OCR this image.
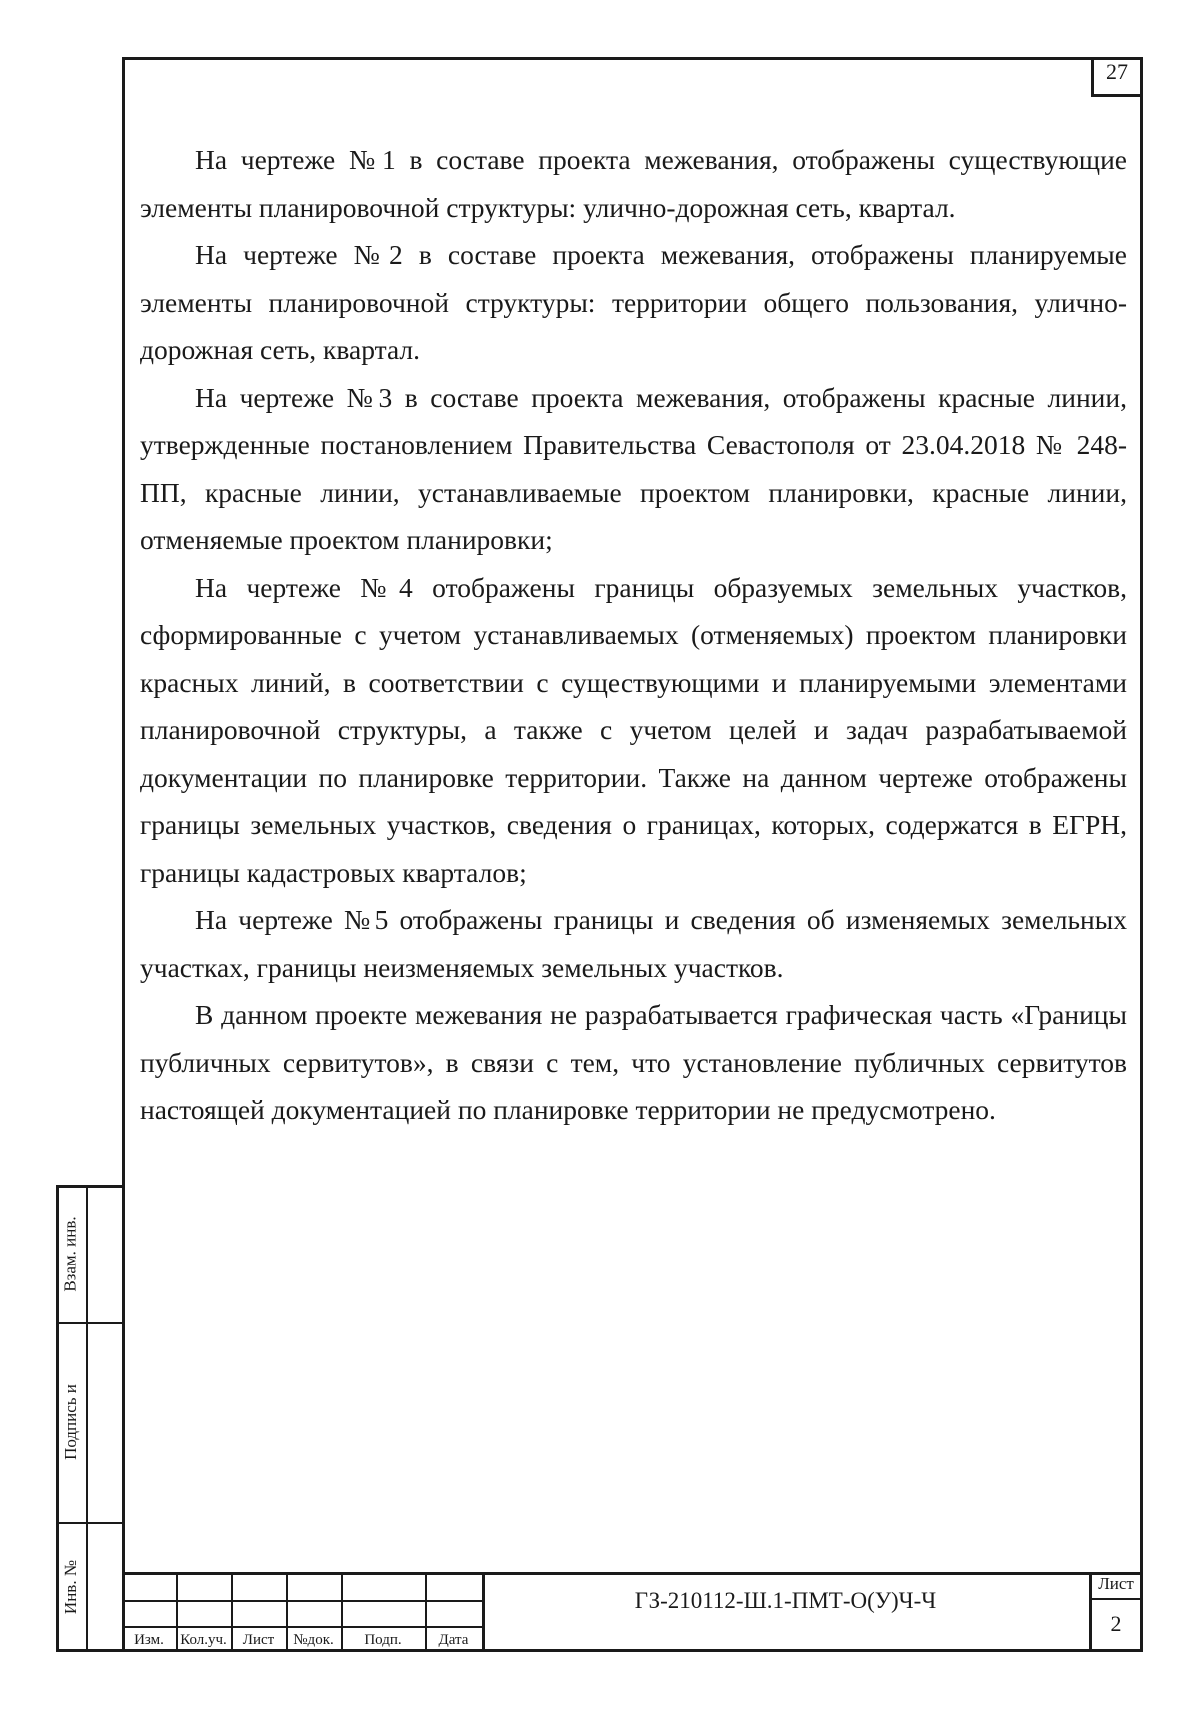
27

На чертеже №1 в составе проекта межевания, отображены существующие элементы планировочной структуры: улично-дорожная сеть, квартал.

На чертеже №2 в составе проекта межевания, отображены планируемые элементы планировочной структуры: территории общего пользования, улично-дорожная сеть, квартал.

На чертеже №3 в составе проекта межевания, отображены красные линии, утвержденные постановлением Правительства Севастополя от 23.04.2018 № 248-ПП, красные линии, устанавливаемые проектом планировки, красные линии, отменяемые проектом планировки;

На чертеже №4 отображены границы образуемых земельных участков, сформированные с учетом устанавливаемых (отменяемых) проектом планировки красных линий, в соответствии с существующими и планируемыми элементами планировочной структуры, а также с учетом целей и задач разрабатываемой документации по планировке территории. Также на данном чертеже отображены границы земельных участков, сведения о границах, которых, содержатся в ЕГРН, границы кадастровых кварталов;

На чертеже №5 отображены границы и сведения об изменяемых земельных участках, границы неизменяемых земельных участков.

В данном проекте межевания не разрабатывается графическая часть «Границы публичных сервитутов», в связи с тем, что установление публичных сервитутов настоящей документацией по планировке территории не предусмотрено.

Взам. инв.
Подпись и
Инв. №
Изм.	Кол.уч.	Лист	№док.	Подп.	Дата
ГЗ-210112-Ш.1-ПМТ-О(У)Ч-Ч
Лист
2
